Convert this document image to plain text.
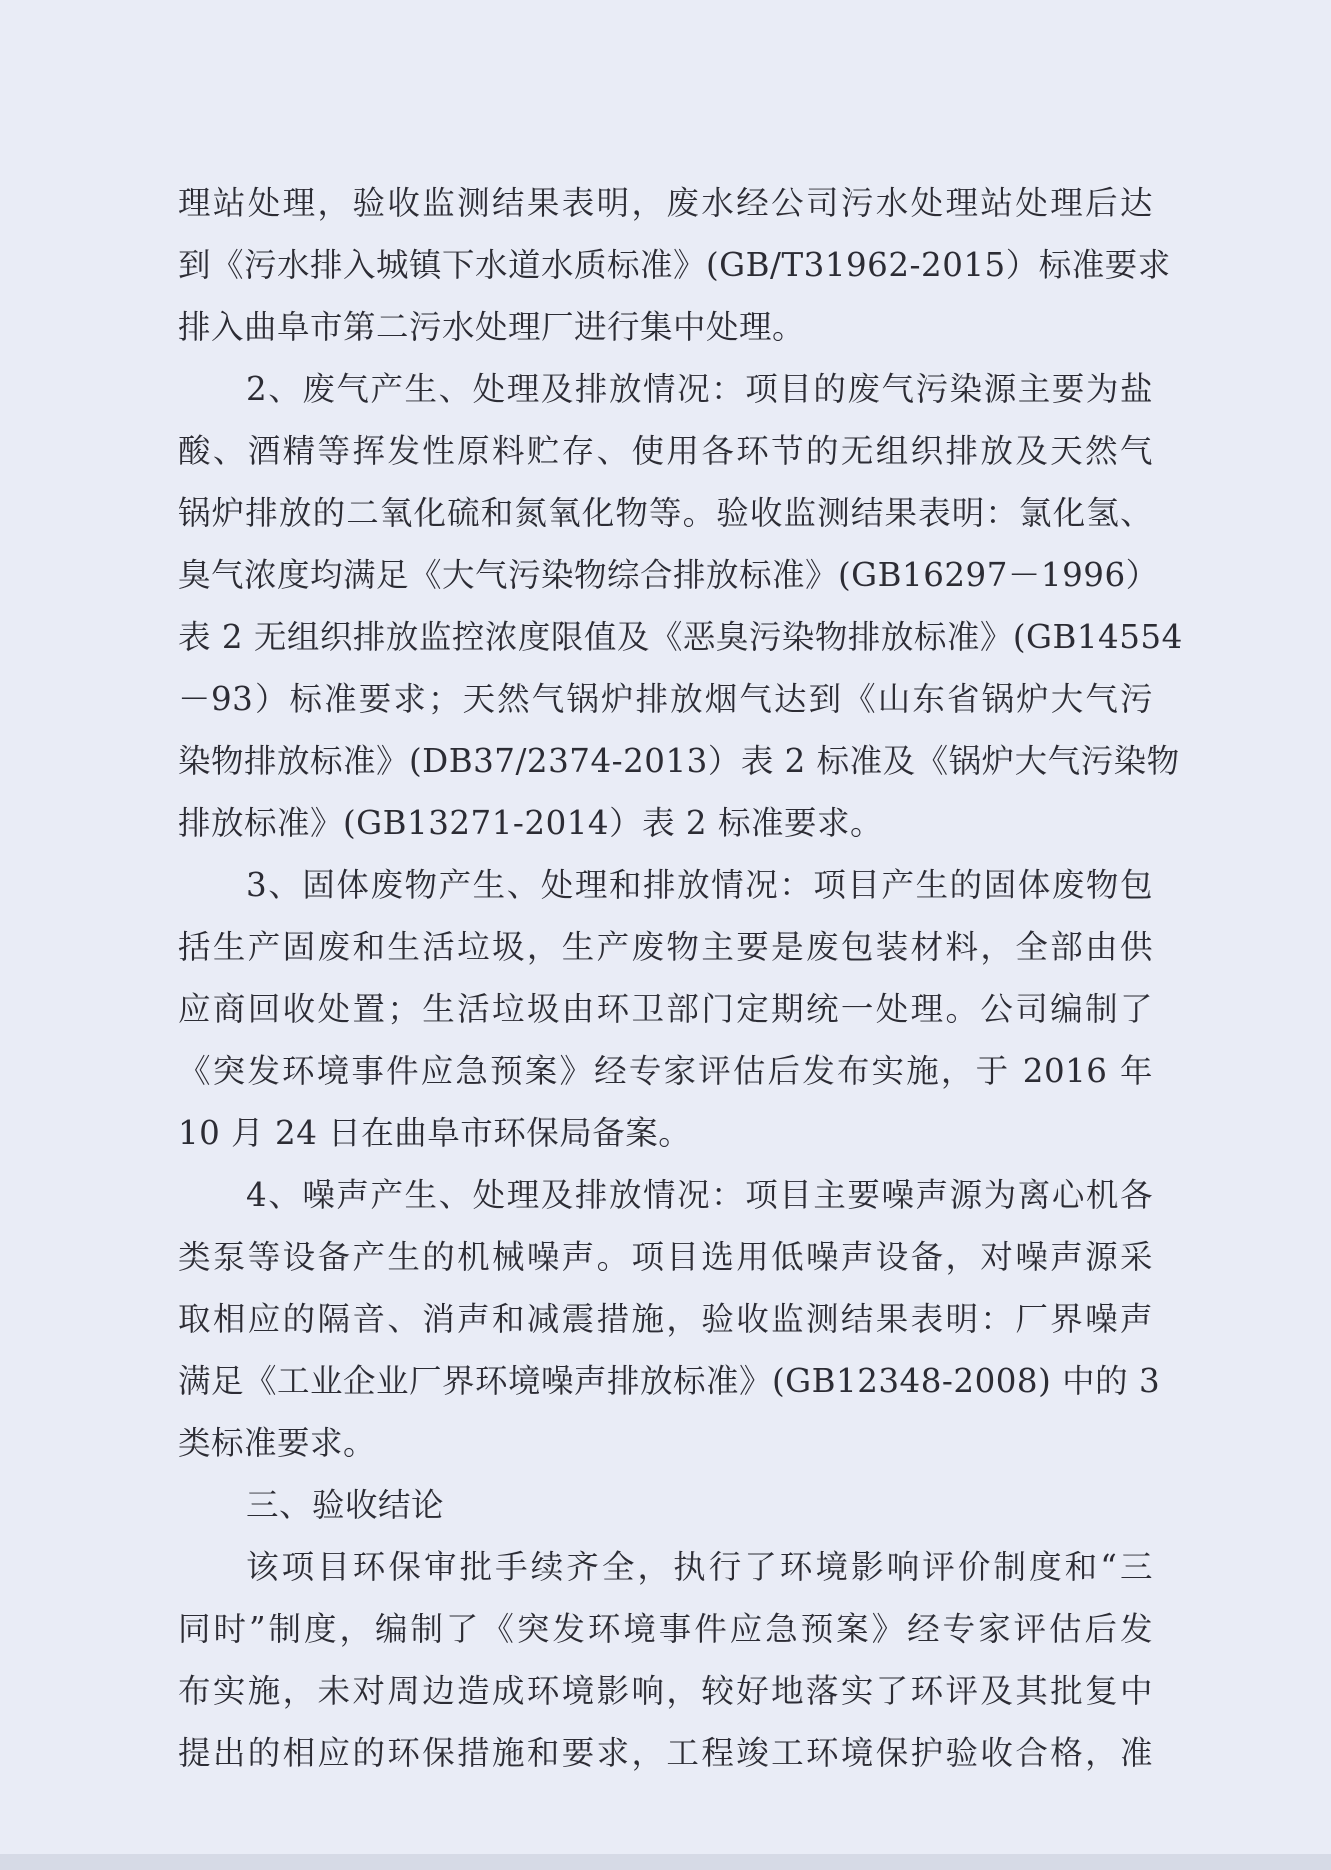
理站处理，验收监测结果表明，废水经公司污水处理站处理后达
到《污水排入城镇下水道水质标准》(GB/T31962-2015）标准要求
排入曲阜市第二污水处理厂进行集中处理。
2、废气产生、处理及排放情况：项目的废气污染源主要为盐
酸、酒精等挥发性原料贮存、使用各环节的无组织排放及天然气
锅炉排放的二氧化硫和氮氧化物等。验收监测结果表明：氯化氢、
臭气浓度均满足《大气污染物综合排放标准》(GB16297－1996）
表 2 无组织排放监控浓度限值及《恶臭污染物排放标准》(GB14554
－93）标准要求；天然气锅炉排放烟气达到《山东省锅炉大气污
染物排放标准》(DB37/2374-2013）表 2 标准及《锅炉大气污染物
排放标准》(GB13271-2014）表 2 标准要求。
3、固体废物产生、处理和排放情况：项目产生的固体废物包
括生产固废和生活垃圾，生产废物主要是废包装材料，全部由供
应商回收处置；生活垃圾由环卫部门定期统一处理。公司编制了
《突发环境事件应急预案》经专家评估后发布实施，于 2016 年
10 月 24 日在曲阜市环保局备案。
4、噪声产生、处理及排放情况：项目主要噪声源为离心机各
类泵等设备产生的机械噪声。项目选用低噪声设备，对噪声源采
取相应的隔音、消声和减震措施，验收监测结果表明：厂界噪声
满足《工业企业厂界环境噪声排放标准》(GB12348-2008) 中的 3
类标准要求。
三、验收结论
该项目环保审批手续齐全，执行了环境影响评价制度和“三
同时”制度，编制了《突发环境事件应急预案》经专家评估后发
布实施，未对周边造成环境影响，较好地落实了环评及其批复中
提出的相应的环保措施和要求，工程竣工环境保护验收合格，准
